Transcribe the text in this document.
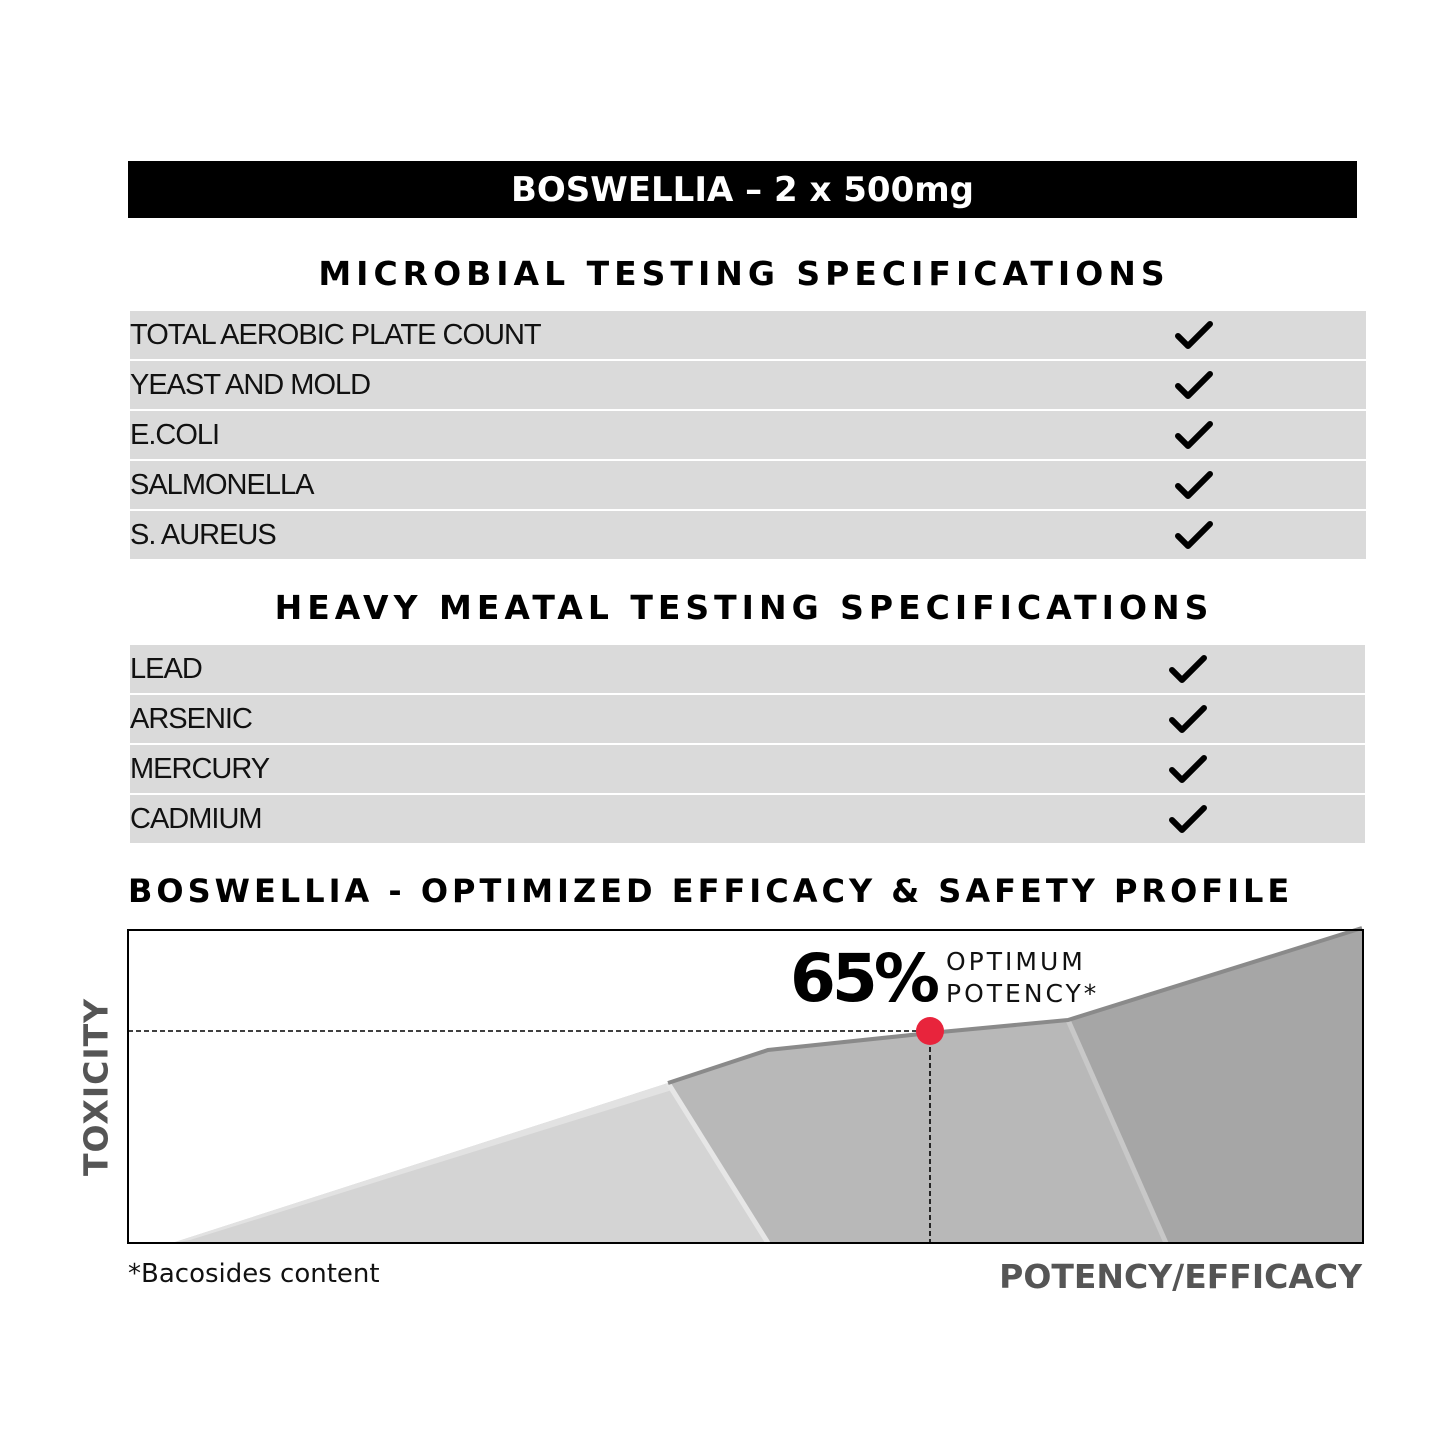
BOSWELLIA – 2 x 500mg
MICROBIAL TESTING SPECIFICATIONS
TOTAL AEROBIC PLATE COUNT
YEAST AND MOLD
E.COLI
SALMONELLA
S. AUREUS
HEAVY MEATAL TESTING SPECIFICATIONS
LEAD
ARSENIC
MERCURY
CADMIUM
BOSWELLIA - OPTIMIZED EFFICACY & SAFETY PROFILE
65% OPTIMUM
POTENCY*
TOXICITY
POTENCY/EFFICACY
*Bacosides content
